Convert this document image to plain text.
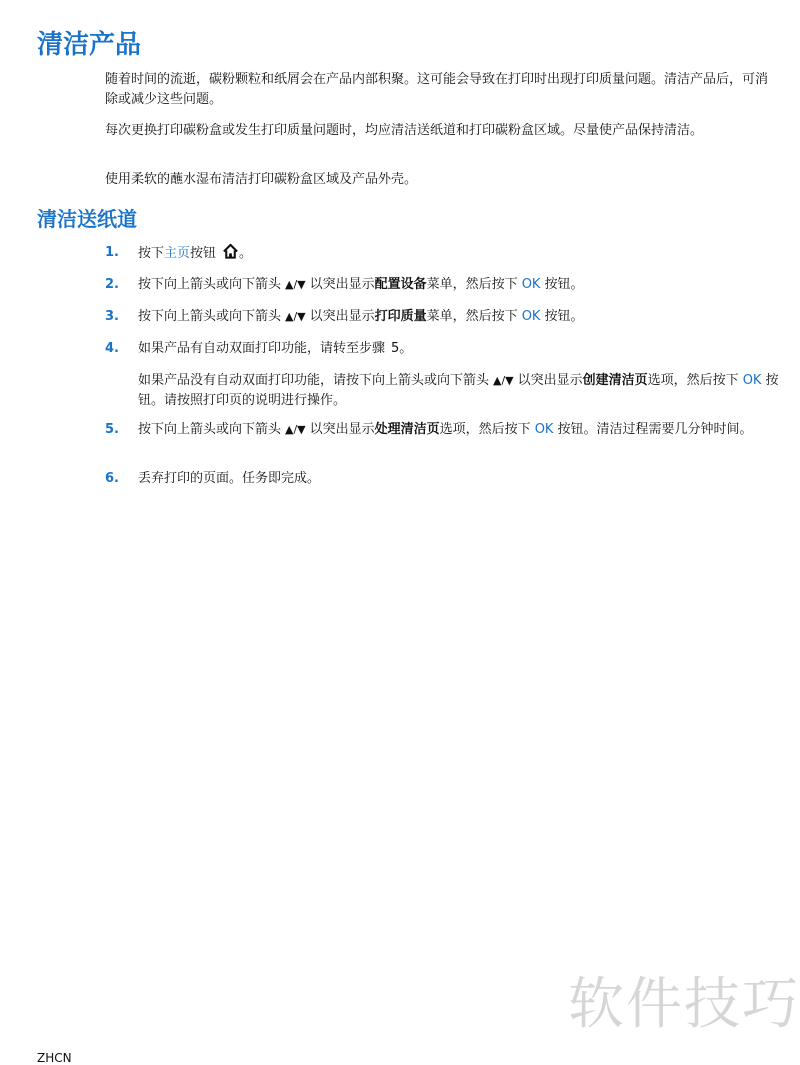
清洁产品

随着时间的流逝，碳粉颗粒和纸屑会在产品内部积聚。这可能会导致在打印时出现打印质量问题。清洁产品后，可消除或减少这些问题。

每次更换打印碳粉盒或发生打印质量问题时，均应清洁送纸道和打印碳粉盒区域。尽量使产品保持清洁。

使用柔软的蘸水湿布清洁打印碳粉盒区域及产品外壳。

清洁送纸道
1. 按下主页按钮 。

2. 按下向上箭头或向下箭头 ▲/▼ 以突出显示配置设备菜单，然后按下 OK 按钮。

3. 按下向上箭头或向下箭头 ▲/▼ 以突出显示打印质量菜单，然后按下 OK 按钮。

4. 如果产品有自动双面打印功能，请转至步骤 5。

如果产品没有自动双面打印功能，请按下向上箭头或向下箭头 ▲/▼ 以突出显示创建清洁页选项，然后按下 OK 按钮。请按照打印页的说明进行操作。

5. 按下向上箭头或向下箭头 ▲/▼ 以突出显示处理清洁页选项，然后按下 OK 按钮。清洁过程需要几分钟时间。

6. 丢弃打印的页面。任务即完成。

软件技巧
ZHCN
